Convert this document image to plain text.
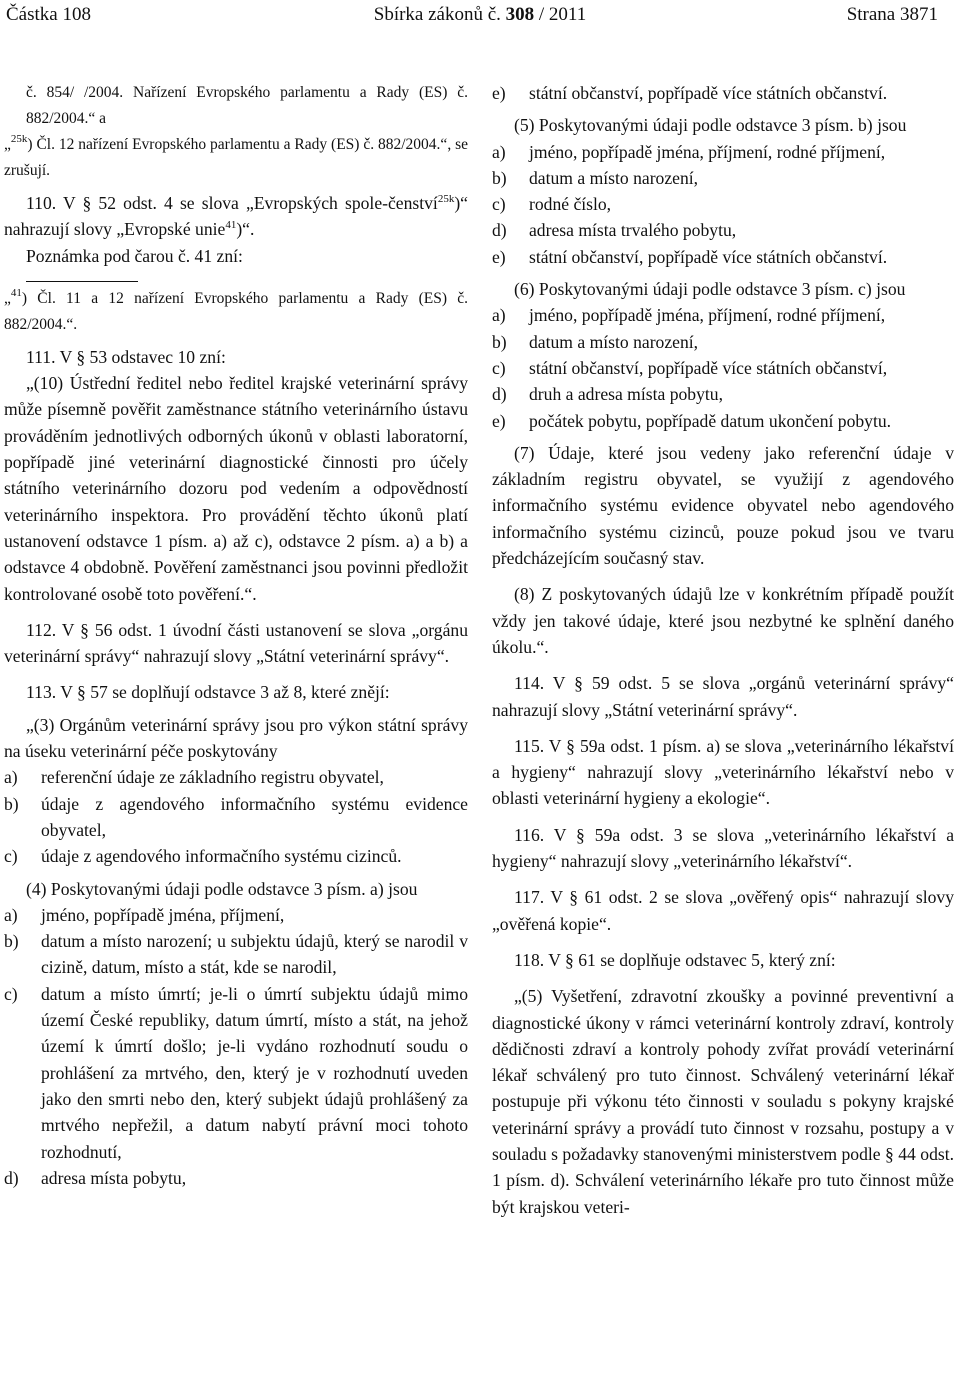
Částka 108	Sbírka zákonů č. 308 / 2011	Strana 3871

č. 854/ /2004. Nařízení Evropského parlamentu a Rady (ES) č. 882/2004.“ a

„$^{25k}$) Čl. 12 nařízení Evropského parlamentu a Rady (ES) č. 882/2004.“, se zrušují.

110. V § 52 odst. 4 se slova „Evropských spole-čenství$^{25k}$)“ nahrazují slovy „Evropské unie$^{41}$)“.

Poznámka pod čarou č. 41 zní:

„$^{41}$) Čl. 11 a 12 nařízení Evropského parlamentu a Rady (ES) č. 882/2004.“.

111. V § 53 odstavec 10 zní:

„(10) Ústřední ředitel nebo ředitel krajské veterinární správy může písemně pověřit zaměstnance státního veterinárního ústavu prováděním jednotlivých odborných úkonů v oblasti laboratorní, popřípadě jiné veterinární diagnostické činnosti pro účely státního veterinárního dozoru pod vedením a odpovědností veterinárního inspektora. Pro provádění těchto úkonů platí ustanovení odstavce 1 písm. a) až c), odstavce 2 písm. a) a b) a odstavce 4 obdobně. Pověření zaměstnanci jsou povinni předložit kontrolované osobě toto pověření.“.

112. V § 56 odst. 1 úvodní části ustanovení se slova „orgánu veterinární správy“ nahrazují slovy „Státní veterinární správy“.

113. V § 57 se doplňují odstavce 3 až 8, které znějí:

„(3) Orgánům veterinární správy jsou pro výkon státní správy na úseku veterinární péče poskytovány

a) referenční údaje ze základního registru obyvatel,
b) údaje z agendového informačního systému evidence obyvatel,
c) údaje z agendového informačního systému cizinců.

(4) Poskytovanými údaji podle odstavce 3 písm. a) jsou

a) jméno, popřípadě jména, příjmení,
b) datum a místo narození; u subjektu údajů, který se narodil v cizině, datum, místo a stát, kde se narodil,
c) datum a místo úmrtí; je-li o úmrtí subjektu údajů mimo území České republiky, datum úmrtí, místo a stát, na jehož území k úmrtí došlo; je-li vydáno rozhodnutí soudu o prohlášení za mrtvého, den, který je v rozhodnutí uveden jako den smrti nebo den, který subjekt údajů prohlášený za mrtvého nepřežil, a datum nabytí právní moci tohoto rozhodnutí,
d) adresa místa pobytu,
e) státní občanství, popřípadě více státních občanství.

(5) Poskytovanými údaji podle odstavce 3 písm. b) jsou

a) jméno, popřípadě jména, příjmení, rodné příjmení,
b) datum a místo narození,
c) rodné číslo,
d) adresa místa trvalého pobytu,
e) státní občanství, popřípadě více státních občanství.

(6) Poskytovanými údaji podle odstavce 3 písm. c) jsou

a) jméno, popřípadě jména, příjmení, rodné příjmení,
b) datum a místo narození,
c) státní občanství, popřípadě více státních občanství,
d) druh a adresa místa pobytu,
e) počátek pobytu, popřípadě datum ukončení pobytu.

(7) Údaje, které jsou vedeny jako referenční údaje v základním registru obyvatel, se využijí z agendového informačního systému evidence obyvatel nebo agendového informačního systému cizinců, pouze pokud jsou ve tvaru předcházejícím současný stav.

(8) Z poskytovaných údajů lze v konkrétním případě použít vždy jen takové údaje, které jsou nezbytné ke splnění daného úkolu.“.

114. V § 59 odst. 5 se slova „orgánů veterinární správy“ nahrazují slovy „Státní veterinární správy“.

115. V § 59a odst. 1 písm. a) se slova „veterinárního lékařství a hygieny“ nahrazují slovy „veterinárního lékařství nebo v oblasti veterinární hygieny a ekologie“.

116. V § 59a odst. 3 se slova „veterinárního lékařství a hygieny“ nahrazují slovy „veterinárního lékařství“.

117. V § 61 odst. 2 se slova „ověřený opis“ nahrazují slovy „ověřená kopie“.

118. V § 61 se doplňuje odstavec 5, který zní:

„(5) Vyšetření, zdravotní zkoušky a povinné preventivní a diagnostické úkony v rámci veterinární kontroly zdraví, kontroly dědičnosti zdraví a kontroly pohody zvířat provádí veterinární lékař schválený pro tuto činnost. Schválený veterinární lékař postupuje při výkonu této činnosti v souladu s pokyny krajské veterinární správy a provádí tuto činnost v rozsahu, postupy a v souladu s požadavky stanovenými ministerstvem podle § 44 odst. 1 písm. d). Schválení veterinárního lékaře pro tuto činnost může být krajskou veteri-
